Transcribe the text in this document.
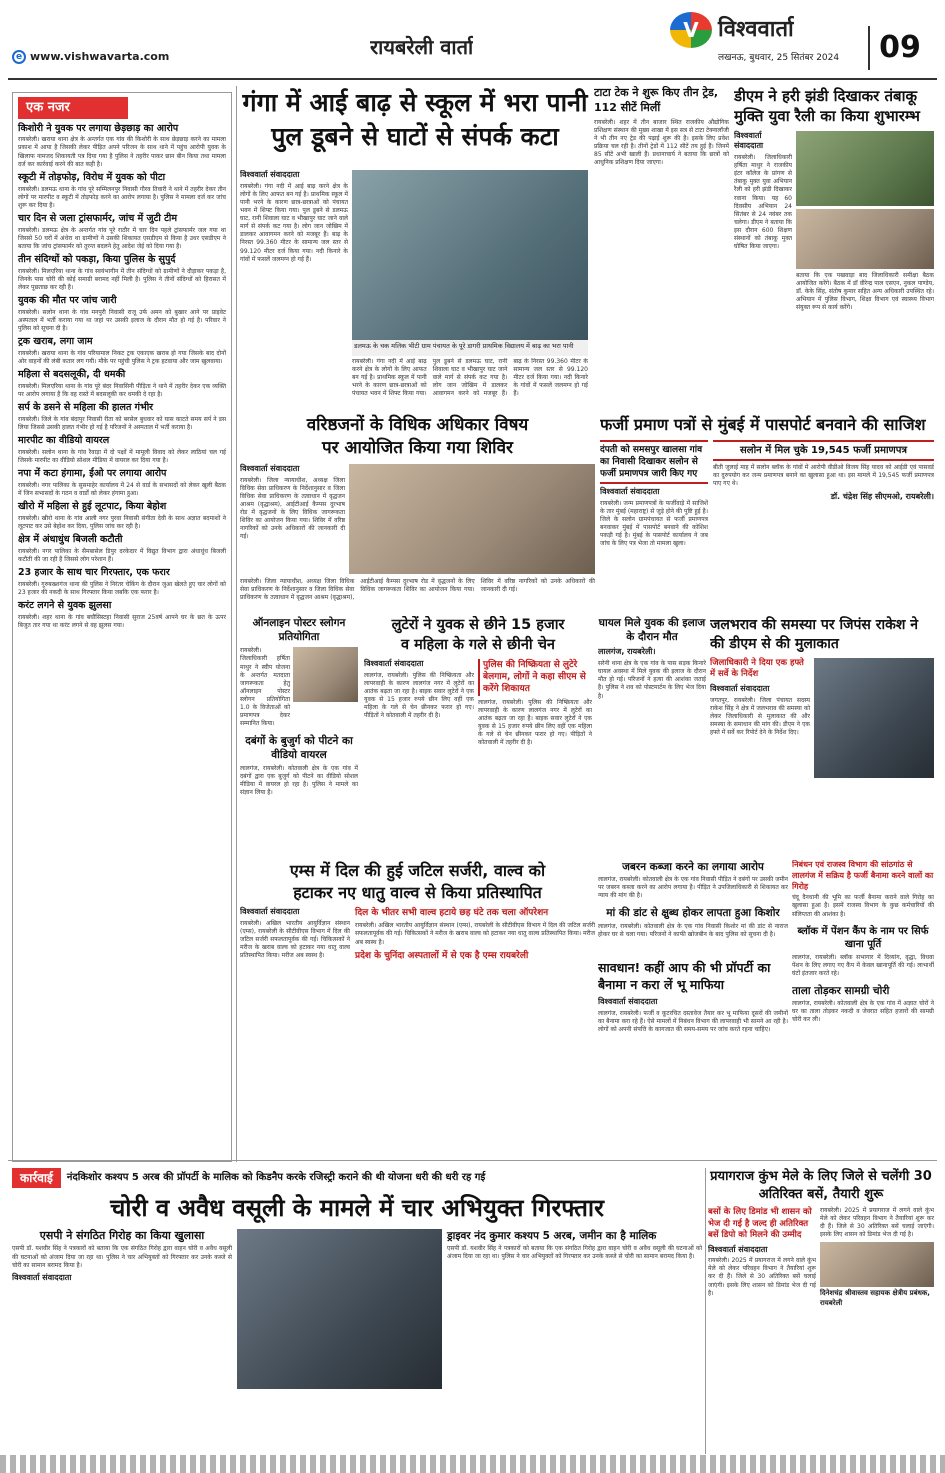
e www.vishwavarta.com	रायबरेली वार्ता
V विश्ववार्ता
लखनऊ, बुधवार, 25 सितंबर 2024	09
एक नजर
किशोरी ने युवक पर लगाया छेड़छाड़ का आरोप
रायबरेली। खराया थाना क्षेत्र के अन्तर्गत एक गांव की किशोरी के साथ छेड़छाड़ करने का मामला प्रकाश में आया है जिसकी लेकर पीड़ित अपने परिजन के साथ थाने में पहुंच आरोपी युवक के खिलाफ नामजद शिकायती पत्र दिया गया है पुलिस ने तहरीर पाकर छान बीन किया तथा मामला दर्ज कर कार्रवाई करने की बात कही है।
स्कूटी में तोड़फोड़, विरोध में युवक को पीटा
रायबरेली। डलमऊ थाना के गांव पूरे सम्मिलनपुर निवासी गौरव तिवारी ने थाने में तहरीर देकर तीन लोगों पर मारपीट व स्कूटी में तोड़फोड़ करने का आरोप लगाया है। पुलिस ने मामला दर्ज कर जांच शुरू कर दिया है।
चार दिन से जला ट्रांसफार्मर, जांच में जुटी टीम
रायबरेली। डलमऊ क्षेत्र के अन्तर्गत गांव पूरे राठौर में चार दिन पहले ट्रांसफार्मर जल गया था जिससे 50 घरों में अंधेरा था ग्रामीणों ने उसकी शिकायत एसडीएम से किया है उधर एसडीएम ने बताया कि जांच ट्रांसफार्मर को तुरन्त बदलने हेतु आदेश जेई को दिया गया है।
तीन संदिग्धों को पकड़ा, किया पुलिस के सुपुर्द
रायबरेली। मिलएरिया थाना के गांव स्वयंभागीन में तीन संदिग्धों को ग्रामीणों ने दौड़ाकर पकड़ा है, जिनके पास चोरी की कोई समाग्री बरामद नहीं मिली है। पुलिस ने तीनों संदिग्धों को हिरासत में लेकर पूछताछ कर रही है।
युवक की मौत पर जांच जारी
रायबरेली। सलोन थाना के गांव मनपुरी निवासी राजू उर्फ अमन को बुखार आने पर प्राइवेट अस्पताल में भर्ती कराया गया था जहां पर उसकी इलाज के दौरान मौत हो गई है। परिवार ने पुलिस को सूचना दी है।
ट्रक खराब, लगा जाम
रायबरेली। खराया थाना के गांव परियामाल निकट ट्रक एकाएक खराब हो गया जिसके बाद दोनों ओर वाहनों की लंबी कतार लग गयी। मौके पर पहुंची पुलिस ने ट्रक हटवाया और जाम खुलवाया।
महिला से बदसलूकी, दी धमकी
रायबरेली। मिलएरिया थाना के गांव पूरे बंदर निवासिनी पीड़िता ने थाने में तहरीर देकर एक व्यक्ति पर आरोप लगाया है कि वह रास्ते में बदसलूकी कर धमकी दे रहा है।
सर्प के डसने से महिला की हालत गंभीर
रायबरेली। जिले के गांव बंदापुर निवासी रीता को बरसेल बुधवार को घास काटते समय सर्प ने डस लिया जिससे उसकी हालत गंभीर हो गई है परिजनों ने अस्पताल में भर्ती कराया है।
मारपीट का वीडियो वायरल
रायबरेली। सलोन थाना के गांव रैवाड़ा में दो पक्षों में मामूली विवाद को लेकर लाठियां चल गई जिसके मारपीट का वीडियो सोशल मीडिया में वायरल कर दिया गया है।
नपा में कटा हंगामा, ईओ पर लगाया आरोप
रायबरेली। नगर पालिका के सुसमाहेर कार्यालय में 24 से वार्ड के सभासदों को लेकर खूली बैठक में जिन सभासदों के गठन व वार्डों को लेकर हंगामा हुआ।
खीरो में महिला से हुई लूटपाट, किया बेहोश
रायबरेली। खीरो थाना के गांव आली नगर पुरवा निवासी संगीता देवी के साथ अज्ञात बदमाशों ने लूटपाट कर उसे बेहोश कर दिया, पुलिस जांच कर रही है।
क्षेत्र में अंधाधुंध बिजली कटौती
रायबरेली। नगर पालिका के सैमबासेल डिपुर दरकेदार में विद्युत विभाग द्वारा अंधाधुंध बिजली कटौती की जा रही है जिससे लोग परेशान हैं।
23 हजार के साथ चार गिरफ्तार, एक फरार
रायबरेली। गुरुबख्शगंज थाना की पुलिस ने निरंतर चेकिंग के दौरान जुआ खेलते हुए चार लोगों को 23 हजार की नकदी के साथ गिरफ्तार किया जबकि एक फरार है।
करंट लगने से युवक झुलसा
रायबरेली। शहर थाना के गांव बघौसिस्टहा निवासी सुराज 25वर्ष आपने घर के छत के ऊपर बिजुत तार गया था करंट लगने से वह झुलस गया।
गंगा में आई बाढ़ से स्कूल में भरा पानी
पुल डूबने से घाटों से संपर्क कटा
विश्ववार्ता संवाददाता
रायबरेली। गंगा नदी में आई बाढ़ करने क्षेत्र के लोगों के लिए आफत बन गई है। प्राथमिक स्कूल में पानी भरने के कारण छात्र-छात्राओं को पंचायत भवन में शिफ्ट किया गया। पुल डूबने से डलमऊ घाट, रानी शिवाला घाट व भीखापुर घाट जाने वाले मार्ग से संपर्क कट गया है। लोग जान जोखिम में डालकर आवागमन करने को मजबूर हैं। बाढ़ के निरस्त 99.360 मीटर के सामान्य जल स्तर से 99.120 मीटर दर्ज किया गया। नदी किनारे के गांवों में फसलें जलमग्न हो गई हैं।
डलमऊ के चक मलिक भीटी ग्राम पंचायत के पूरे डागरी प्राथमिक विद्यालय में बाढ़ का भरा पानी
रायबरेली। गंगा नदी में आई बाढ़ करने क्षेत्र के लोगों के लिए आफत बन गई है। प्राथमिक स्कूल में पानी भरने के कारण छात्र-छात्राओं को पंचायत भवन में शिफ्ट किया गया। पुल डूबने से डलमऊ घाट, रानी शिवाला घाट व भीखापुर घाट जाने वाले मार्ग से संपर्क कट गया है। लोग जान जोखिम में डालकर आवागमन करने को मजबूर हैं। बाढ़ के निरस्त 99.360 मीटर के सामान्य जल स्तर से 99.120 मीटर दर्ज किया गया। नदी किनारे के गांवों में फसलें जलमग्न हो गई हैं।
टाटा टेक ने शुरू किए तीन ट्रेड, 112 सीटें मिलीं
रायबरेली। शहर में तीन बाजार स्थित राजकीय औद्योगिक प्रशिक्षण संस्थान की मुख्य शाखा में इस सत्र से टाटा टेक्नालॉजी ने भी तीन नए ट्रेड की पढ़ाई शुरू की है। इसके लिए प्रवेश प्रक्रिया चल रही है। तीनों ट्रेडों में 112 सीटें तय हुई हैं। जिनमें 85 सीटें अभी खाली हैं। प्रधानाचार्य ने बताया कि छात्रों को आधुनिक प्रशिक्षण दिया जाएगा।
डीएम ने हरी झंडी दिखाकर तंबाकू मुक्ति युवा रैली का किया शुभारम्भ
विश्ववार्ता संवाददाता
रायबरेली। जिलाधिकारी हर्षिता माथुर ने राजकीय इंटर कॉलेज के प्रांगण से तंबाकू मुक्त युवा अभियान रैली को हरी झंडी दिखाकर रवाना किया। यह 60 दिवसीय अभियान 24 सितंबर से 24 नवंबर तक चलेगा। डीएम ने बताया कि इस दौरान 600 शिक्षण संस्थानों को तंबाकू मुक्त घोषित किया जाएगा।
बताया कि एक पखवाड़ा बाद जिलाधिकारी समीक्षा बैठक आयोजित करेंगे। बैठक में डॉ वीरेन्द्र पाल एसएन, नुकल पाण्डेय, डॉ. केके सिंह, संतोष कुमार सहित अन्य अधिकारी उपस्थित रहे। अभियान में पुलिस विभाग, शिक्षा विभाग एवं स्वास्थ्य विभाग संयुक्त रूप से कार्य करेंगे।
वरिष्ठजनों के विधिक अधिकार विषय
पर आयोजित किया गया शिविर
विश्ववार्ता संवाददाता
रायबरेली। जिला न्यायाधीश, अध्यक्ष जिला विधिक सेवा प्राधिकरण के निर्देशानुसार व जिला विधिक सेवा प्राधिकरण के तत्वाधान में वृद्धजन आश्रम (वृद्धाश्रम), आईटीआई कैम्पस दुरभाष रोड में वृद्धजनों के लिए विधिक जागरूकता शिविर का आयोजन किया गया। शिविर में वरिष्ठ नागरिकों को उनके अधिकारों की जानकारी दी गई।
रायबरेली। जिला न्यायाधीश, अध्यक्ष जिला विधिक सेवा प्राधिकरण के निर्देशानुसार व जिला विधिक सेवा प्राधिकरण के तत्वाधान में वृद्धजन आश्रम (वृद्धाश्रम), आईटीआई कैम्पस दुरभाष रोड में वृद्धजनों के लिए विधिक जागरूकता शिविर का आयोजन किया गया। शिविर में वरिष्ठ नागरिकों को उनके अधिकारों की जानकारी दी गई।
फर्जी प्रमाण पत्रों से मुंबई में पासपोर्ट बनवाने की साजिश
दंपती को समसपुर खालसा गांव का निवासी दिखाकर सलोन से फर्जी प्रमाणपत्र जारी किए गए
विश्ववार्ता संवाददाता
रायबरेली। जन्म प्रमाणपत्रों के फर्जीवाड़े में साजिशें के तार मुंबई (महाराष्ट्र) से जुड़े होने की पुष्टि हुई है। जिले के सलोन ग्रामपंचायत से फर्जी प्रमाणपत्र बनवाकर मुंबई में पासपोर्ट बनवाने की कोशिश पकड़ी गई है। मुंबई के पासपोर्ट कार्यालय ने जब जांच के लिए पत्र भेजा तो मामला खुला।
सलोन में मिल चुके 19,545 फर्जी प्रमाणपत्र
बीती जुलाई माह में सलोन ब्लॉक के गांवों में आरोपी वीडीओ विजय सिंह यादव को आईडी एवं पासवर्ड का दुरुपयोग कर जन्म प्रमाणपत्र बनाने का खुलासा हुआ था। इस मामले में 19,545 फर्जी प्रमाणपत्र पाए गए थे।
डॉ. चंद्रेश सिंह सीएमओ, रायबरेली।
ऑनलाइन पोस्टर स्लोगन प्रतियोगिता
रायबरेली। जिलाधिकारी हर्षिता माथुर ने स्वीप योजना के अन्तर्गत मतदाता जागरूकता हेतु ऑनलाइन पोस्टर स्लोगन प्रतियोगिता 1.0 के विजेताओं को प्रमाणपत्र देकर सम्मानित किया।
दबंगों के बुजुर्ग को पीटने का वीडियो वायरल
लालगंज, रायबरेली। कोतवाली क्षेत्र के एक गांव में दबंगों द्वारा एक बुजुर्ग को पीटने का वीडियो सोशल मीडिया में वायरल हो रहा है। पुलिस ने मामले का संज्ञान लिया है।
लुटेरों ने युवक से छीने 15 हजार
व महिला के गले से छीनी चेन
विश्ववार्ता संवाददाता
लालगंज, रायबरेली। पुलिस की निष्क्रियता और लापरवाही के कारण लालगंज नगर में लुटेरों का आतंक बढ़ता जा रहा है। बाइक सवार लुटेरों ने एक युवक से 15 हजार रुपये छीन लिए वहीं एक महिला के गले से चेन छीनकर फरार हो गए। पीड़ितों ने कोतवाली में तहरीर दी है।
पुलिस की निष्क्रियता से लुटेरे बेलगाम, लोगों ने कहा सीएम से करेंगे शिकायत
लालगंज, रायबरेली। पुलिस की निष्क्रियता और लापरवाही के कारण लालगंज नगर में लुटेरों का आतंक बढ़ता जा रहा है। बाइक सवार लुटेरों ने एक युवक से 15 हजार रुपये छीन लिए वहीं एक महिला के गले से चेन छीनकर फरार हो गए। पीड़ितों ने कोतवाली में तहरीर दी है।
घायल मिले युवक की इलाज के दौरान मौत
लालगंज, रायबरेली।
सरेनी थाना क्षेत्र के एक गांव के पास सड़क किनारे घायल अवस्था में मिले युवक की इलाज के दौरान मौत हो गई। परिजनों ने हत्या की आशंका जताई है। पुलिस ने शव को पोस्टमार्टम के लिए भेज दिया है।
जलभराव की समस्या पर जिपंस राकेश ने की डीएम से की मुलाकात
जिलाधिकारी ने दिया एक हफ्ते में सर्वे के निर्देश
विश्ववार्ता संवाददाता
जगतपुर, रायबरेली। जिला पंचायत सदस्य राकेश सिंह ने क्षेत्र में जलभराव की समस्या को लेकर जिलाधिकारी से मुलाकात की और समस्या के समाधान की मांग की। डीएम ने एक हफ्ते में सर्वे कर रिपोर्ट देने के निर्देश दिए।
एम्स में दिल की हुई जटिल सर्जरी, वाल्व को
हटाकर नए धातु वाल्व से किया प्रतिस्थापित
विश्ववार्ता संवाददाता
रायबरेली। अखिल भारतीय आयुर्विज्ञान संस्थान (एम्स), रायबरेली के सीटीवीएस विभाग में दिल की जटिल सर्जरी सफलतापूर्वक की गई। चिकित्सकों ने मरीज के खराब वाल्व को हटाकर नया धातु वाल्व प्रतिस्थापित किया। मरीज अब स्वस्थ है।
दिल के भीतर सभी वाल्व हटाये छह घंटे तक चला ऑपरेशन
रायबरेली। अखिल भारतीय आयुर्विज्ञान संस्थान (एम्स), रायबरेली के सीटीवीएस विभाग में दिल की जटिल सर्जरी सफलतापूर्वक की गई। चिकित्सकों ने मरीज के खराब वाल्व को हटाकर नया धातु वाल्व प्रतिस्थापित किया। मरीज अब स्वस्थ है।
प्रदेश के चुनिंदा अस्पतालों में से एक है एम्स रायबरेली
जबरन कब्जा करने का लगाया आरोप
लालगंज, रायबरेली। कोतवाली क्षेत्र के एक गांव निवासी पीड़ित ने दबंगों पर उसकी जमीन पर जबरन कब्जा करने का आरोप लगाया है। पीड़ित ने उपजिलाधिकारी से शिकायत कर न्याय की मांग की है।
मां की डांट से क्षुब्ध होकर लापता हुआ किशोर
लालगंज, रायबरेली। कोतवाली क्षेत्र के एक गांव निवासी किशोर मां की डांट से नाराज होकर घर से चला गया। परिजनों ने काफी खोजबीन के बाद पुलिस को सूचना दी है।
सावधान! कहीं आप की भी प्रॉपर्टी का बैनामा न करा लें भू माफिया
विश्ववार्ता संवाददाता
लालगंज, रायबरेली। फर्जी व कूटरचित दस्तावेज तैयार कर भू माफिया दूसरों की जमीनों का बैनामा करा रहे हैं। ऐसे मामलों में निबंधन विभाग की लापरवाही भी सामने आ रही है। लोगों को अपनी संपत्ति के कागजात की समय-समय पर जांच करते रहना चाहिए।
निबंधन एवं राजस्व विभाग की सांठगांठ से लालगंज में सक्रिय है फर्जी बैनामा करने वालों का गिरोह
चंदू दैनधानी की भूमि का फर्जी बैनामा कराने वाले गिरोह का खुलासा हुआ है। इसमें राजस्व विभाग के कुछ कर्मचारियों की संलिप्तता की आशंका है।
ब्लॉक में पेंशन कैंप के नाम पर सिर्फ खाना पूर्ति
लालगंज, रायबरेली। ब्लॉक सभागार में दिव्यांग, वृद्धा, विधवा पेंशन के लिए लगाए गए कैंप में केवल खानापूर्ति की गई। लाभार्थी घंटों इंतजार करते रहे।
ताला तोड़कर सामग्री चोरी
लालगंज, रायबरेली। कोतवाली क्षेत्र के एक गांव में अज्ञात चोरों ने घर का ताला तोड़कर नकदी व जेवरात सहित हजारों की सामग्री चोरी कर ली।
कार्रवाई	नंदकिशोर कश्यप 5 अरब की प्रॉपर्टी के मालिक को किडनैप करके रजिस्ट्री कराने की थी योजना धरी की धरी रह गई
चोरी व अवैध वसूली के मामले में चार अभियुक्त गिरफ्तार
एसपी ने संगठित गिरोह का किया खुलासा
एसपी डॉ. यशवीर सिंह ने पत्रकारों को बताया कि एक संगठित गिरोह द्वारा वाहन चोरी व अवैध वसूली की घटनाओं को अंजाम दिया जा रहा था। पुलिस ने चार अभियुक्तों को गिरफ्तार कर उनके कब्जे से चोरी का सामान बरामद किया है।
विश्ववार्ता संवाददाता
ड्राइवर नंद कुमार कश्यप 5 अरब, जमीन का है मालिक
एसपी डॉ. यशवीर सिंह ने पत्रकारों को बताया कि एक संगठित गिरोह द्वारा वाहन चोरी व अवैध वसूली की घटनाओं को अंजाम दिया जा रहा था। पुलिस ने चार अभियुक्तों को गिरफ्तार कर उनके कब्जे से चोरी का सामान बरामद किया है।
प्रयागराज कुंभ मेले के लिए जिले से चलेंगी 30 अतिरिक्त बसें, तैयारी शुरू
बसों के लिए डिमांड भी शासन को भेज दी गई है जल्द ही अतिरिक्त बसें डिपो को मिलने की उम्मीद
विश्ववार्ता संवाददाता
रायबरेली। 2025 में प्रयागराज में लगने वाले कुंभ मेले को लेकर परिवहन विभाग ने तैयारियां शुरू कर दी हैं। जिले से 30 अतिरिक्त बसें चलाई जाएंगी। इसके लिए शासन को डिमांड भेज दी गई है।
रायबरेली। 2025 में प्रयागराज में लगने वाले कुंभ मेले को लेकर परिवहन विभाग ने तैयारियां शुरू कर दी हैं। जिले से 30 अतिरिक्त बसें चलाई जाएंगी। इसके लिए शासन को डिमांड भेज दी गई है।
दिनेशचंद्र श्रीवास्तव सहायक क्षेत्रीय प्रबंधक, रायबरेली
